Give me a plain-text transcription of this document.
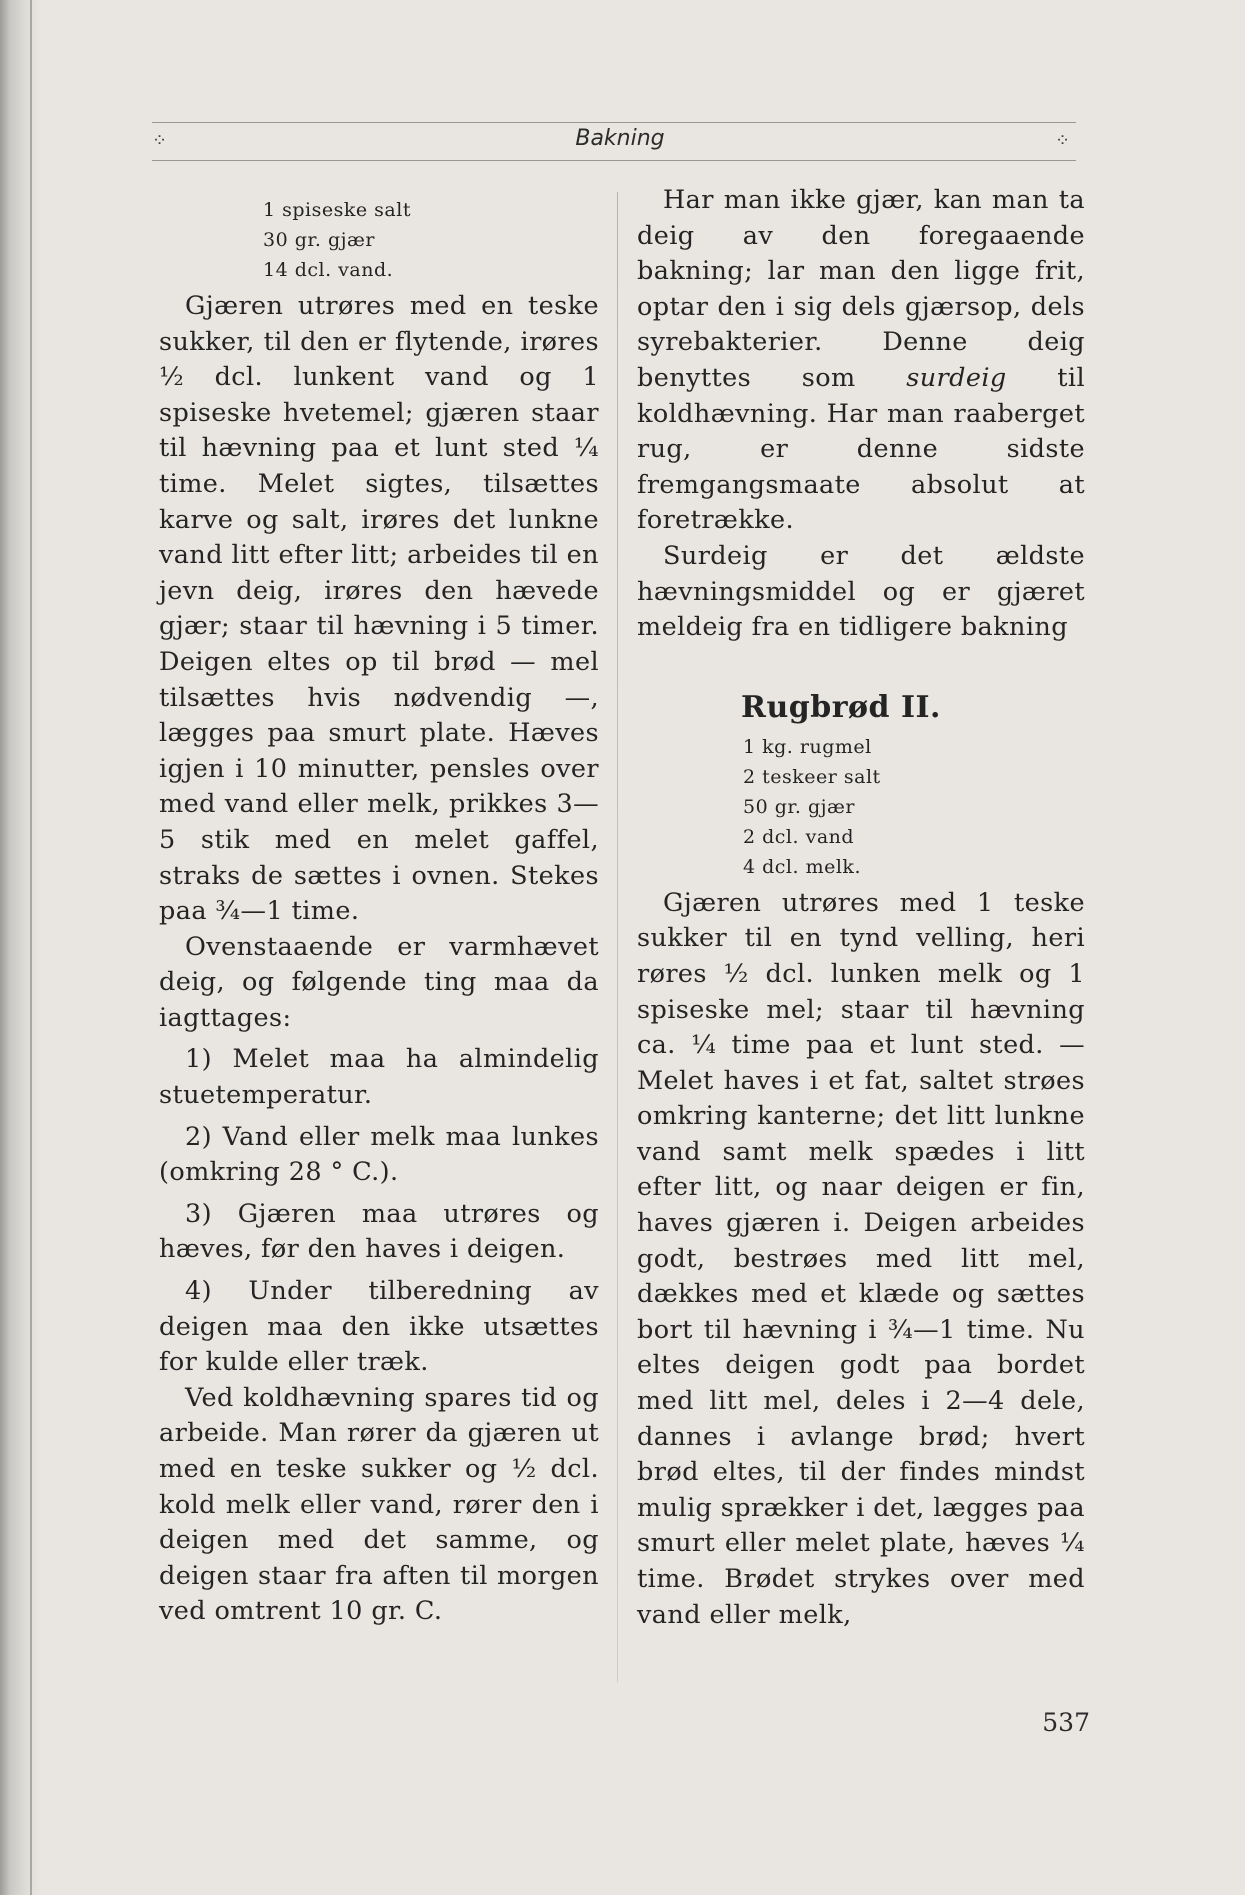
⁘	Bakning	⁘
1 spiseske salt
30 gr. gjær
14 dcl. vand.

Gjæren utrøres med en teske sukker, til den er flytende, irøres ½ dcl. lunkent vand og 1 spiseske hvetemel; gjæren staar til hævning paa et lunt sted ¼ time. Melet sigtes, tilsættes karve og salt, irøres det lunkne vand litt efter litt; arbeides til en jevn deig, irøres den hævede gjær; staar til hævning i 5 timer. Deigen eltes op til brød — mel tilsættes hvis nødvendig —, lægges paa smurt plate. Hæves igjen i 10 minutter, pensles over med vand eller melk, prikkes 3—5 stik med en melet gaffel, straks de sættes i ovnen. Stekes paa ¾—1 time.

Ovenstaaende er varmhævet deig, og følgende ting maa da iagttages:

1) Melet maa ha almindelig stuetemperatur.

2) Vand eller melk maa lunkes (omkring 28 ° C.).

3) Gjæren maa utrøres og hæves, før den haves i deigen.

4) Under tilberedning av deigen maa den ikke utsættes for kulde eller træk.

Ved koldhævning spares tid og arbeide. Man rører da gjæren ut med en teske sukker og ½ dcl. kold melk eller vand, rører den i deigen med det samme, og deigen staar fra aften til morgen ved omtrent 10 gr. C.

Har man ikke gjær, kan man ta deig av den foregaaende bakning; lar man den ligge frit, optar den i sig dels gjærsop, dels syrebakterier. Denne deig benyttes som surdeig til koldhævning. Har man raaberget rug, er denne sidste fremgangsmaate absolut at foretrække.

Surdeig er det ældste hævningsmiddel og er gjæret meldeig fra en tidligere bakning

Rugbrød II.
1 kg. rugmel
2 teskeer salt
50 gr. gjær
2 dcl. vand
4 dcl. melk.

Gjæren utrøres med 1 teske sukker til en tynd velling, heri røres ½ dcl. lunken melk og 1 spiseske mel; staar til hævning ca. ¼ time paa et lunt sted. — Melet haves i et fat, saltet strøes omkring kanterne; det litt lunkne vand samt melk spædes i litt efter litt, og naar deigen er fin, haves gjæren i. Deigen arbeides godt, bestrøes med litt mel, dækkes med et klæde og sættes bort til hævning i ¾—1 time. Nu eltes deigen godt paa bordet med litt mel, deles i 2—4 dele, dannes i avlange brød; hvert brød eltes, til der findes mindst mulig sprækker i det, lægges paa smurt eller melet plate, hæves ¼ time. Brødet strykes over med vand eller melk,

537
